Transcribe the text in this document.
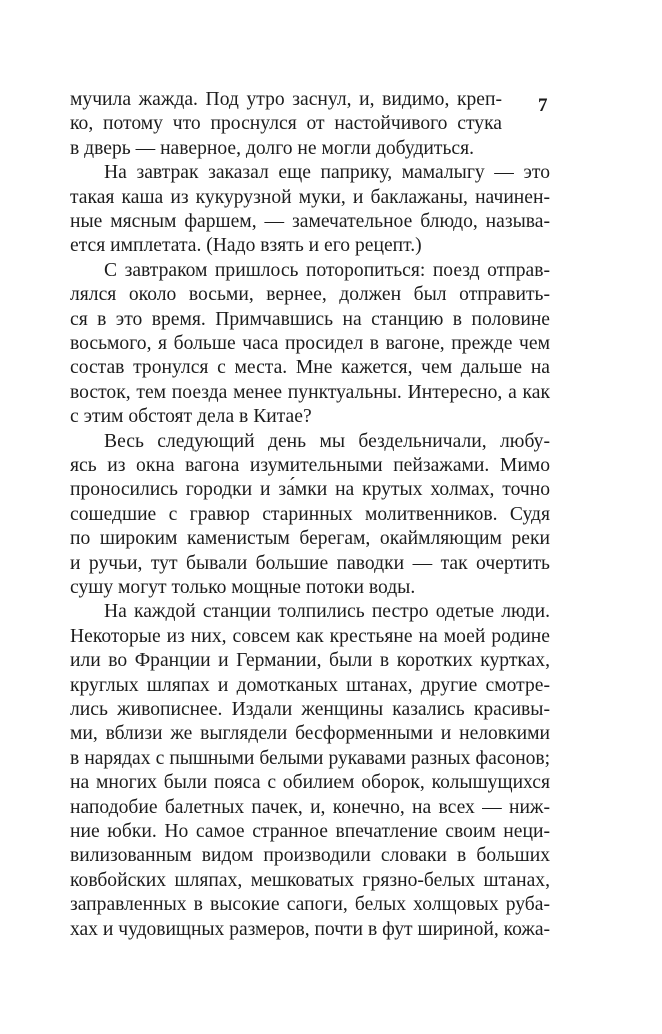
7
мучила жажда. Под утро заснул, и, видимо, креп-
ко, потому что проснулся от настойчивого стука
в дверь — наверное, долго не могли добудиться.
На завтрак заказал еще паприку, мамалыгу — это
такая каша из кукурузной муки, и баклажаны, начинен-
ные мясным фаршем, — замечательное блюдо, называ-
ется имплетата. (Надо взять и его рецепт.)
С завтраком пришлось поторопиться: поезд отправ-
лялся около восьми, вернее, должен был отправить-
ся в это время. Примчавшись на станцию в половине
восьмого, я больше часа просидел в вагоне, прежде чем
состав тронулся с места. Мне кажется, чем дальше на
восток, тем поезда менее пунктуальны. Интересно, а как
с этим обстоят дела в Китае?
Весь следующий день мы бездельничали, любу-
ясь из окна вагона изумительными пейзажами. Мимо
проносились городки и за́мки на крутых холмах, точно
сошедшие с гравюр старинных молитвенников. Судя
по широким каменистым берегам, окаймляющим реки
и ручьи, тут бывали большие паводки — так очертить
сушу могут только мощные потоки воды.
На каждой станции толпились пестро одетые люди.
Некоторые из них, совсем как крестьяне на моей родине
или во Франции и Германии, были в коротких куртках,
круглых шляпах и домотканых штанах, другие смотре-
лись живописнее. Издали женщины казались красивы-
ми, вблизи же выглядели бесформенными и неловкими
в нарядах с пышными белыми рукавами разных фасонов;
на многих были пояса с обилием оборок, колышущихся
наподобие балетных пачек, и, конечно, на всех — ниж-
ние юбки. Но самое странное впечатление своим неци-
вилизованным видом производили словаки в больших
ковбойских шляпах, мешковатых грязно-белых штанах,
заправленных в высокие сапоги, белых холщовых руба-
хах и чудовищных размеров, почти в фут шириной, кожа-
